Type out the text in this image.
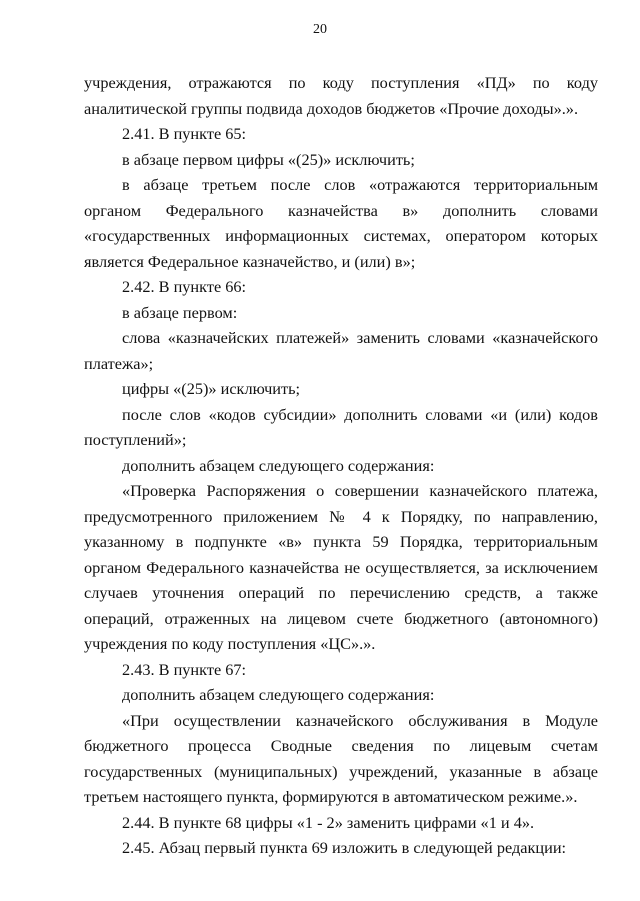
20

учреждения, отражаются по коду поступления «ПД» по коду аналитической группы подвида доходов бюджетов «Прочие доходы».».

2.41. В пункте 65:

в абзаце первом цифры «(25)» исключить;

в абзаце третьем после слов «отражаются территориальным органом Федерального казначейства в» дополнить словами «государственных информационных системах, оператором которых является Федеральное казначейство, и (или) в»;

2.42. В пункте 66:

в абзаце первом:

слова «казначейских платежей» заменить словами «казначейского платежа»;

цифры «(25)» исключить;

после слов «кодов субсидии» дополнить словами «и (или) кодов поступлений»;

дополнить абзацем следующего содержания:

«Проверка Распоряжения о совершении казначейского платежа, предусмотренного приложением № 4 к Порядку, по направлению, указанному в подпункте «в» пункта 59 Порядка, территориальным органом Федерального казначейства не осуществляется, за исключением случаев уточнения операций по перечислению средств, а также операций, отраженных на лицевом счете бюджетного (автономного) учреждения по коду поступления «ЦС».».

2.43. В пункте 67:

дополнить абзацем следующего содержания:

«При осуществлении казначейского обслуживания в Модуле бюджетного процесса Сводные сведения по лицевым счетам государственных (муниципальных) учреждений, указанные в абзаце третьем настоящего пункта, формируются в автоматическом режиме.».

2.44. В пункте 68 цифры «1 - 2» заменить цифрами «1 и 4».

2.45. Абзац первый пункта 69 изложить в следующей редакции:
